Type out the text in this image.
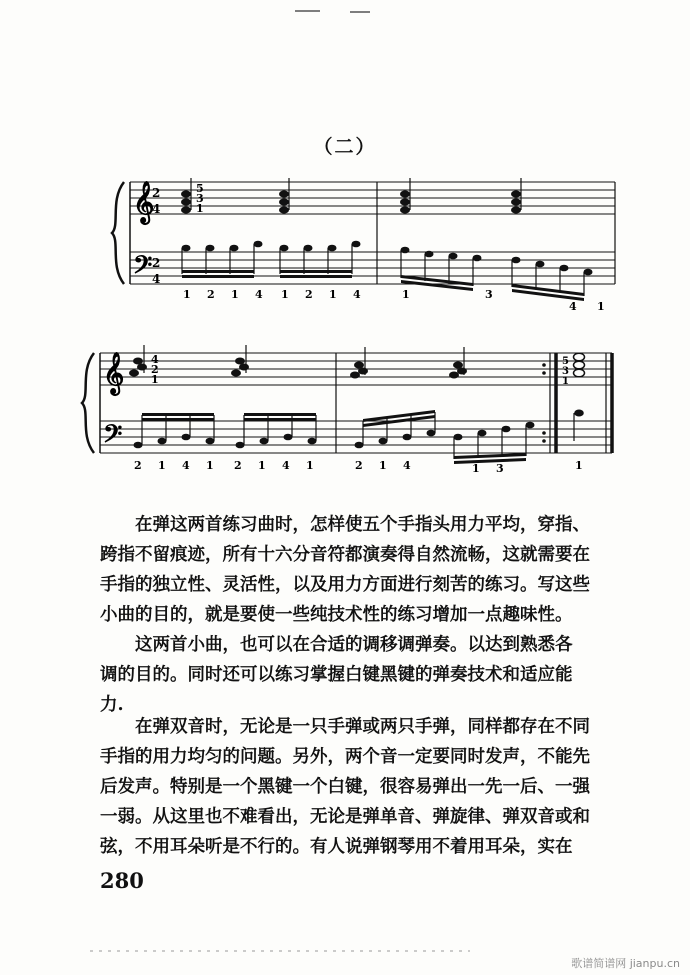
（二）
𝄞
𝄢
2
4
2
4
5
3
1
1 2 1 4 1 2 1 4	1	3
4 1
𝄞
𝄢
4
2
1
5
3
1
2 1 4 1 2 1 4 1	2 1 4	1 3	1

在弹这两首练习曲时，怎样使五个手指头用力平均，穿指、

跨指不留痕迹，所有十六分音符都演奏得自然流畅，这就需要在

手指的独立性、灵活性，以及用力方面进行刻苦的练习。写这些

小曲的目的，就是要使一些纯技术性的练习增加一点趣味性。

这两首小曲，也可以在合适的调移调弹奏。以达到熟悉各

调的目的。同时还可以练习掌握白键黑键的弹奏技术和适应能

力.

在弹双音时，无论是一只手弹或两只手弹，同样都存在不同

手指的用力均匀的问题。另外，两个音一定要同时发声，不能先

后发声。特别是一个黑键一个白键，很容易弹出一先一后、一强

一弱。从这里也不难看出，无论是弹单音、弹旋律、弹双音或和

弦，不用耳朵听是不行的。有人说弹钢琴用不着用耳朵，实在

280
歌谱简谱网 jianpu.cn
